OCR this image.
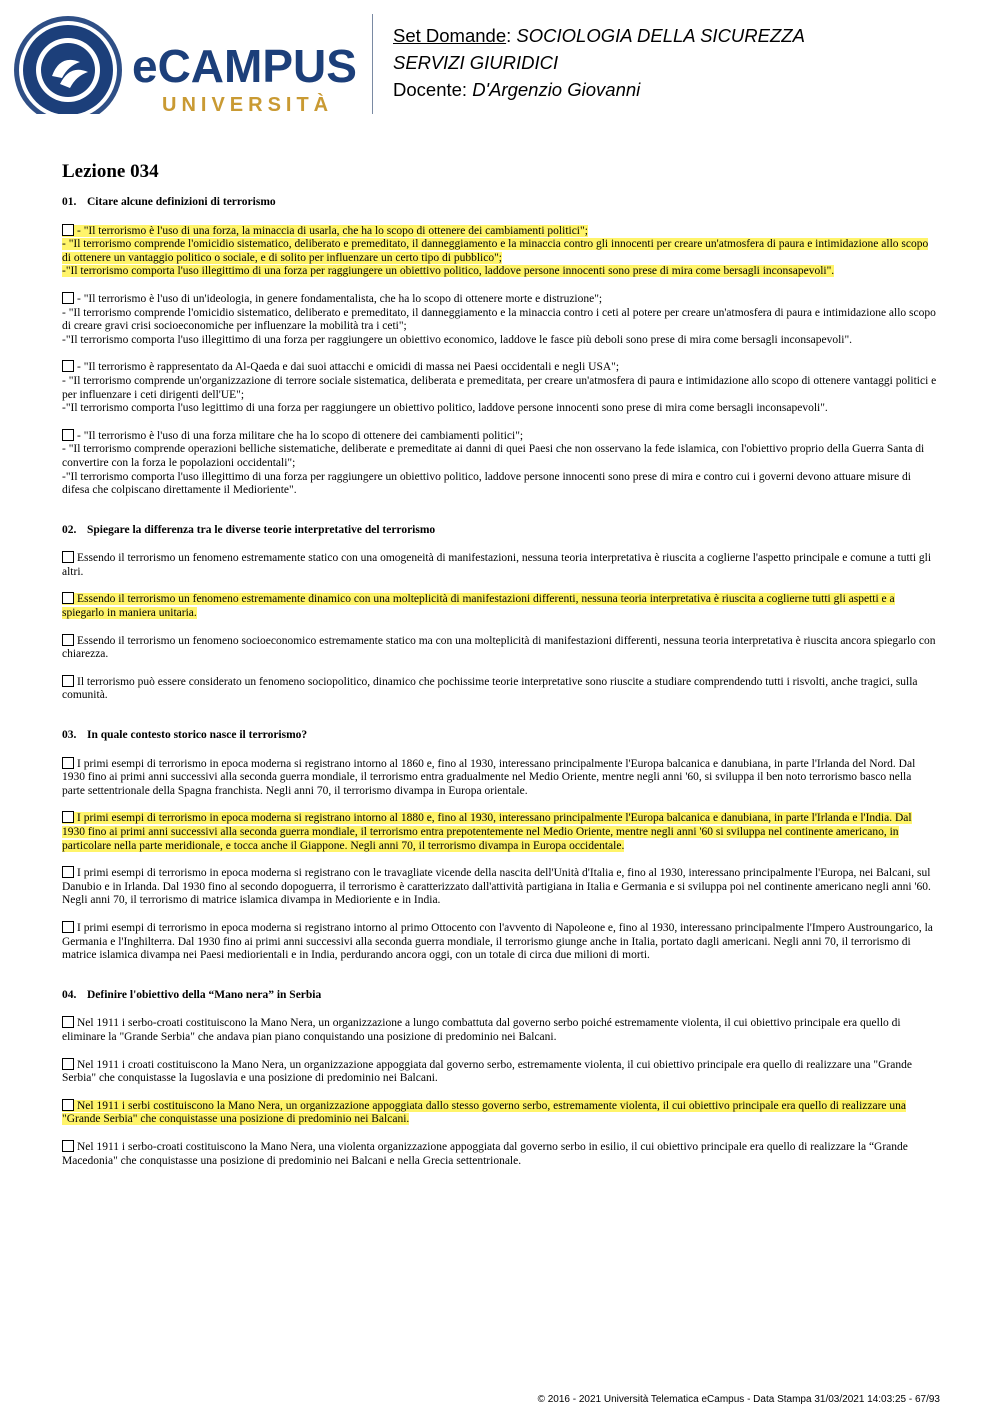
eCAMPUS
UNIVERSITÀ
Set Domande: SOCIOLOGIA DELLA SICUREZZA
SERVIZI GIURIDICI
Docente: D'Argenzio Giovanni
Lezione 034
01. Citare alcune definizioni di terrorismo
- "Il terrorismo è l'uso di una forza, la minaccia di usarla, che ha lo scopo di ottenere dei cambiamenti politici";
- "Il terrorismo comprende l'omicidio sistematico, deliberato e premeditato, il danneggiamento e la minaccia contro gli innocenti per creare un'atmosfera di paura e intimidazione allo scopo di ottenere un vantaggio politico o sociale, e di solito per influenzare un certo tipo di pubblico";
-"Il terrorismo comporta l'uso illegittimo di una forza per raggiungere un obiettivo politico, laddove persone innocenti sono prese di mira come bersagli inconsapevoli".
- "Il terrorismo è l'uso di un'ideologia, in genere fondamentalista, che ha lo scopo di ottenere morte e distruzione";
- "Il terrorismo comprende l'omicidio sistematico, deliberato e premeditato, il danneggiamento e la minaccia contro i ceti al potere per creare un'atmosfera di paura e intimidazione allo scopo di creare gravi crisi socioeconomiche per influenzare la mobilità tra i ceti";
-"Il terrorismo comporta l'uso illegittimo di una forza per raggiungere un obiettivo economico, laddove le fasce più deboli sono prese di mira come bersagli inconsapevoli".
- "Il terrorismo è rappresentato da Al-Qaeda e dai suoi attacchi e omicidi di massa nei Paesi occidentali e negli USA";
- "Il terrorismo comprende un'organizzazione di terrore sociale sistematica, deliberata e premeditata, per creare un'atmosfera di paura e intimidazione allo scopo di ottenere vantaggi politici e per influenzare i ceti dirigenti dell'UE";
-"Il terrorismo comporta l'uso legittimo di una forza per raggiungere un obiettivo politico, laddove persone innocenti sono prese di mira come bersagli inconsapevoli".
- "Il terrorismo è l'uso di una forza militare che ha lo scopo di ottenere dei cambiamenti politici";
- "Il terrorismo comprende operazioni belliche sistematiche, deliberate e premeditate ai danni di quei Paesi che non osservano la fede islamica, con l'obiettivo proprio della Guerra Santa di convertire con la forza le popolazioni occidentali";
-"Il terrorismo comporta l'uso illegittimo di una forza per raggiungere un obiettivo politico, laddove persone innocenti sono prese di mira e contro cui i governi devono attuare misure di difesa che colpiscano direttamente il Medioriente".
02. Spiegare la differenza tra le diverse teorie interpretative del terrorismo
Essendo il terrorismo un fenomeno estremamente statico con una omogeneità di manifestazioni, nessuna teoria interpretativa è riuscita a coglierne l'aspetto principale e comune a tutti gli altri.
Essendo il terrorismo un fenomeno estremamente dinamico con una molteplicità di manifestazioni differenti, nessuna teoria interpretativa è riuscita a coglierne tutti gli aspetti e a spiegarlo in maniera unitaria.
Essendo il terrorismo un fenomeno socioeconomico estremamente statico ma con una molteplicità di manifestazioni differenti, nessuna teoria interpretativa è riuscita ancora spiegarlo con chiarezza.
Il terrorismo può essere considerato un fenomeno sociopolitico, dinamico che pochissime teorie interpretative sono riuscite a studiare comprendendo tutti i risvolti, anche tragici, sulla comunità.
03. In quale contesto storico nasce il terrorismo?
I primi esempi di terrorismo in epoca moderna si registrano intorno al 1860 e, fino al 1930, interessano principalmente l'Europa balcanica e danubiana, in parte l'Irlanda del Nord. Dal 1930 fino ai primi anni successivi alla seconda guerra mondiale, il terrorismo entra gradualmente nel Medio Oriente, mentre negli anni '60, si sviluppa il ben noto terrorismo basco nella parte settentrionale della Spagna franchista. Negli anni 70, il terrorismo divampa in Europa orientale.
I primi esempi di terrorismo in epoca moderna si registrano intorno al 1880 e, fino al 1930, interessano principalmente l'Europa balcanica e danubiana, in parte l'Irlanda e l'India. Dal 1930 fino ai primi anni successivi alla seconda guerra mondiale, il terrorismo entra prepotentemente nel Medio Oriente, mentre negli anni '60 si sviluppa nel continente americano, in particolare nella parte meridionale, e tocca anche il Giappone. Negli anni 70, il terrorismo divampa in Europa occidentale.
I primi esempi di terrorismo in epoca moderna si registrano con le travagliate vicende della nascita dell'Unità d'Italia e, fino al 1930, interessano principalmente l'Europa, nei Balcani, sul Danubio e in Irlanda. Dal 1930 fino al secondo dopoguerra, il terrorismo è caratterizzato dall'attività partigiana in Italia e Germania e si sviluppa poi nel continente americano negli anni '60. Negli anni 70, il terrorismo di matrice islamica divampa in Medioriente e in India.
I primi esempi di terrorismo in epoca moderna si registrano intorno al primo Ottocento con l'avvento di Napoleone e, fino al 1930, interessano principalmente l'Impero Austroungarico, la Germania e l'Inghilterra. Dal 1930 fino ai primi anni successivi alla seconda guerra mondiale, il terrorismo giunge anche in Italia, portato dagli americani. Negli anni 70, il terrorismo di matrice islamica divampa nei Paesi mediorientali e in India, perdurando ancora oggi, con un totale di circa due milioni di morti.
04. Definire l'obiettivo della “Mano nera” in Serbia
Nel 1911 i serbo-croati costituiscono la Mano Nera, un organizzazione a lungo combattuta dal governo serbo poiché estremamente violenta, il cui obiettivo principale era quello di eliminare la "Grande Serbia" che andava pian piano conquistando una posizione di predominio nei Balcani.
Nel 1911 i croati costituiscono la Mano Nera, un organizzazione appoggiata dal governo serbo, estremamente violenta, il cui obiettivo principale era quello di realizzare una "Grande Serbia" che conquistasse la Iugoslavia e una posizione di predominio nei Balcani.
Nel 1911 i serbi costituiscono la Mano Nera, un organizzazione appoggiata dallo stesso governo serbo, estremamente violenta, il cui obiettivo principale era quello di realizzare una "Grande Serbia" che conquistasse una posizione di predominio nei Balcani.
Nel 1911 i serbo-croati costituiscono la Mano Nera, una violenta organizzazione appoggiata dal governo serbo in esilio, il cui obiettivo principale era quello di realizzare la “Grande Macedonia" che conquistasse una posizione di predominio nei Balcani e nella Grecia settentrionale.
© 2016 - 2021 Università Telematica eCampus - Data Stampa 31/03/2021 14:03:25 - 67/93
